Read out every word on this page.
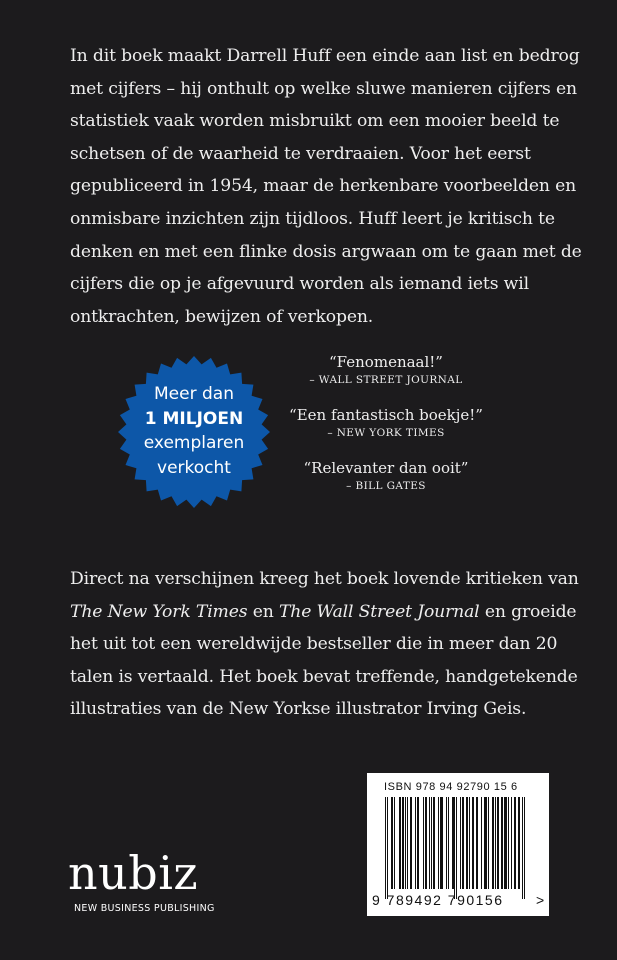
In dit boek maakt Darrell Huff een einde aan list en bedrog met cijfers – hij onthult op welke sluwe manieren cijfers en statistiek vaak worden misbruikt om een mooier beeld te schetsen of de waarheid te verdraaien. Voor het eerst gepubliceerd in 1954, maar de herkenbare voorbeelden en onmisbare inzichten zijn tijdloos. Huff leert je kritisch te denken en met een flinke dosis argwaan om te gaan met de cijfers die op je afgevuurd worden als iemand iets wil ontkrachten, bewijzen of verkopen.

Meer dan
1 MILJOEN
exemplaren
verkocht
“Fenomenaal!”
– WALL STREET JOURNAL
“Een fantastisch boekje!”
– NEW YORK TIMES
“Relevanter dan ooit”
– BILL GATES

Direct na verschijnen kreeg het boek lovende kritieken van The New York Times en The Wall Street Journal en groeide het uit tot een wereldwijde bestseller die in meer dan 20 talen is vertaald. Het boek bevat treffende, handgetekende illustraties van de New Yorkse illustrator Irving Geis.

nubiz
NEW BUSINESS PUBLISHING
ISBN 978 94 92790 15 6
9 789492 790156 >
